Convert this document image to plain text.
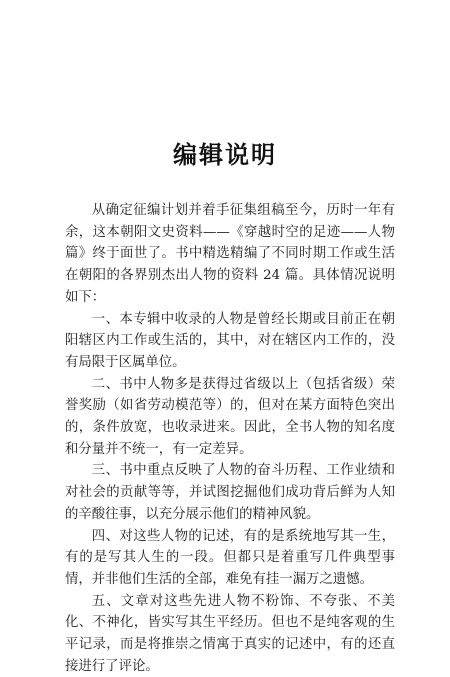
编辑说明

从确定征编计划并着手征集组稿至今，历时一年有余，这本朝阳文史资料——《穿越时空的足迹——人物篇》终于面世了。书中精选精编了不同时期工作或生活在朝阳的各界别杰出人物的资料 24 篇。具体情况说明如下：

一、本专辑中收录的人物是曾经长期或目前正在朝阳辖区内工作或生活的，其中，对在辖区内工作的，没有局限于区属单位。

二、书中人物多是获得过省级以上（包括省级）荣誉奖励（如省劳动模范等）的，但对在某方面特色突出的，条件放宽，也收录进来。因此，全书人物的知名度和分量并不统一，有一定差异。

三、书中重点反映了人物的奋斗历程、工作业绩和对社会的贡献等等，并试图挖掘他们成功背后鲜为人知的辛酸往事，以充分展示他们的精神风貌。

四、对这些人物的记述，有的是系统地写其一生，有的是写其人生的一段。但都只是着重写几件典型事情，并非他们生活的全部，难免有挂一漏万之遗憾。

五、文章对这些先进人物不粉饰、不夸张、不美化、不神化，皆实写其生平经历。但也不是纯客观的生平记录，而是将推崇之情寓于真实的记述中，有的还直接进行了评论。
